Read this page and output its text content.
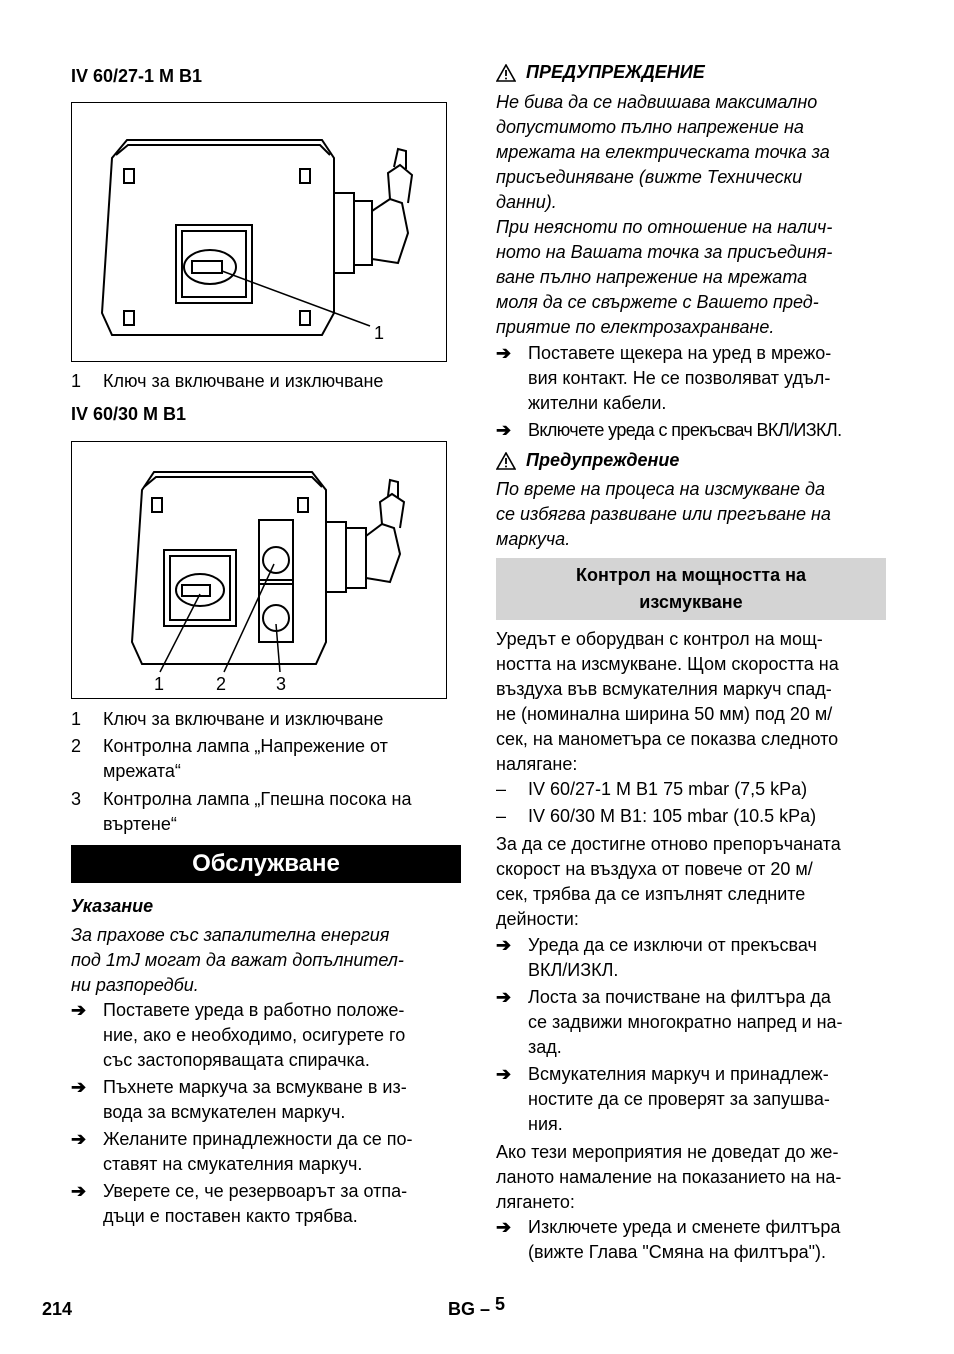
IV 60/27-1 M B1
1
1	Ключ за включване и изключване
IV 60/30 M B1
1	2	3
1	Ключ за включване и изключване
2	Контролна лампа „Напрежение от
мрежата“
3	Контролна лампа „Гпешна посока на
въртене“
Обслужване
Указание
За прахове със запалителна енергия
под 1mJ могат да важат допълнител-
ни разпоредби.
➔ Поставете уреда в работно положе-
ние, ако е необходимо, осигурете го
със застопоряващата спирачка.
➔ Пъхнете маркуча за всмукване в из-
вода за всмукателен маркуч.
➔ Желаните принадлежности да се по-
ставят на смукателния маркуч.
➔ Уверете се, че резервоарът за отпа-
дъци е поставен както трябва.
ПРЕДУПРЕЖДЕНИЕ
Не бива да се надвишава максимално
допустимото пълно напрежение на
мрежата на електрическата точка за
присъединяване (вижте Технически
данни).
При неясноти по отношение на налич-
ното на Вашата точка за присъединя-
ване пълно напрежение на мрежата
моля да се свържете с Вашето пред-
приятие по електрозахранване.
➔ Поставете щекера на уред в мрежо-
вия контакт. Не се позволяват удъл-
жителни кабели.
➔ Включете уреда с прекъсвач ВКЛ/ИЗКЛ.
Предупреждение
По време на процеса на изсмукване да
се избягва развиване или прегъване на
маркуча.
Контрол на мощността на
изсмукване
Уредът е оборудван с контрол на мощ-
ността на изсмукване. Щом скоростта на
въздуха във всмукателния маркуч спад-
не (номинална ширина 50 мм) под 20 м/
сек, на манометъра се показва следното
налягане:
–	IV 60/27-1 M B1 75 mbar (7,5 kPa)
–	IV 60/30 M B1: 105 mbar (10.5 kPa)
За да се достигне отново препоръчаната
скорост на въздуха от повече от 20 м/
сек, трябва да се изпълнят следните
дейности:
➔ Уреда да се изключи от прекъсвач
ВКЛ/ИЗКЛ.
➔ Лоста за почистване на филтъра да
се задвижи многократно напред и на-
зад.
➔ Всмукателния маркуч и принадлеж-
ностите да се проверят за запушва-
ния.
Ако тези мероприятия не доведат до же-
ланото намаление на показанието на на-
лягането:
➔ Изключете уреда и сменете филтъра
(вижте Глава "Смяна на филтъра").
214	BG – 5
